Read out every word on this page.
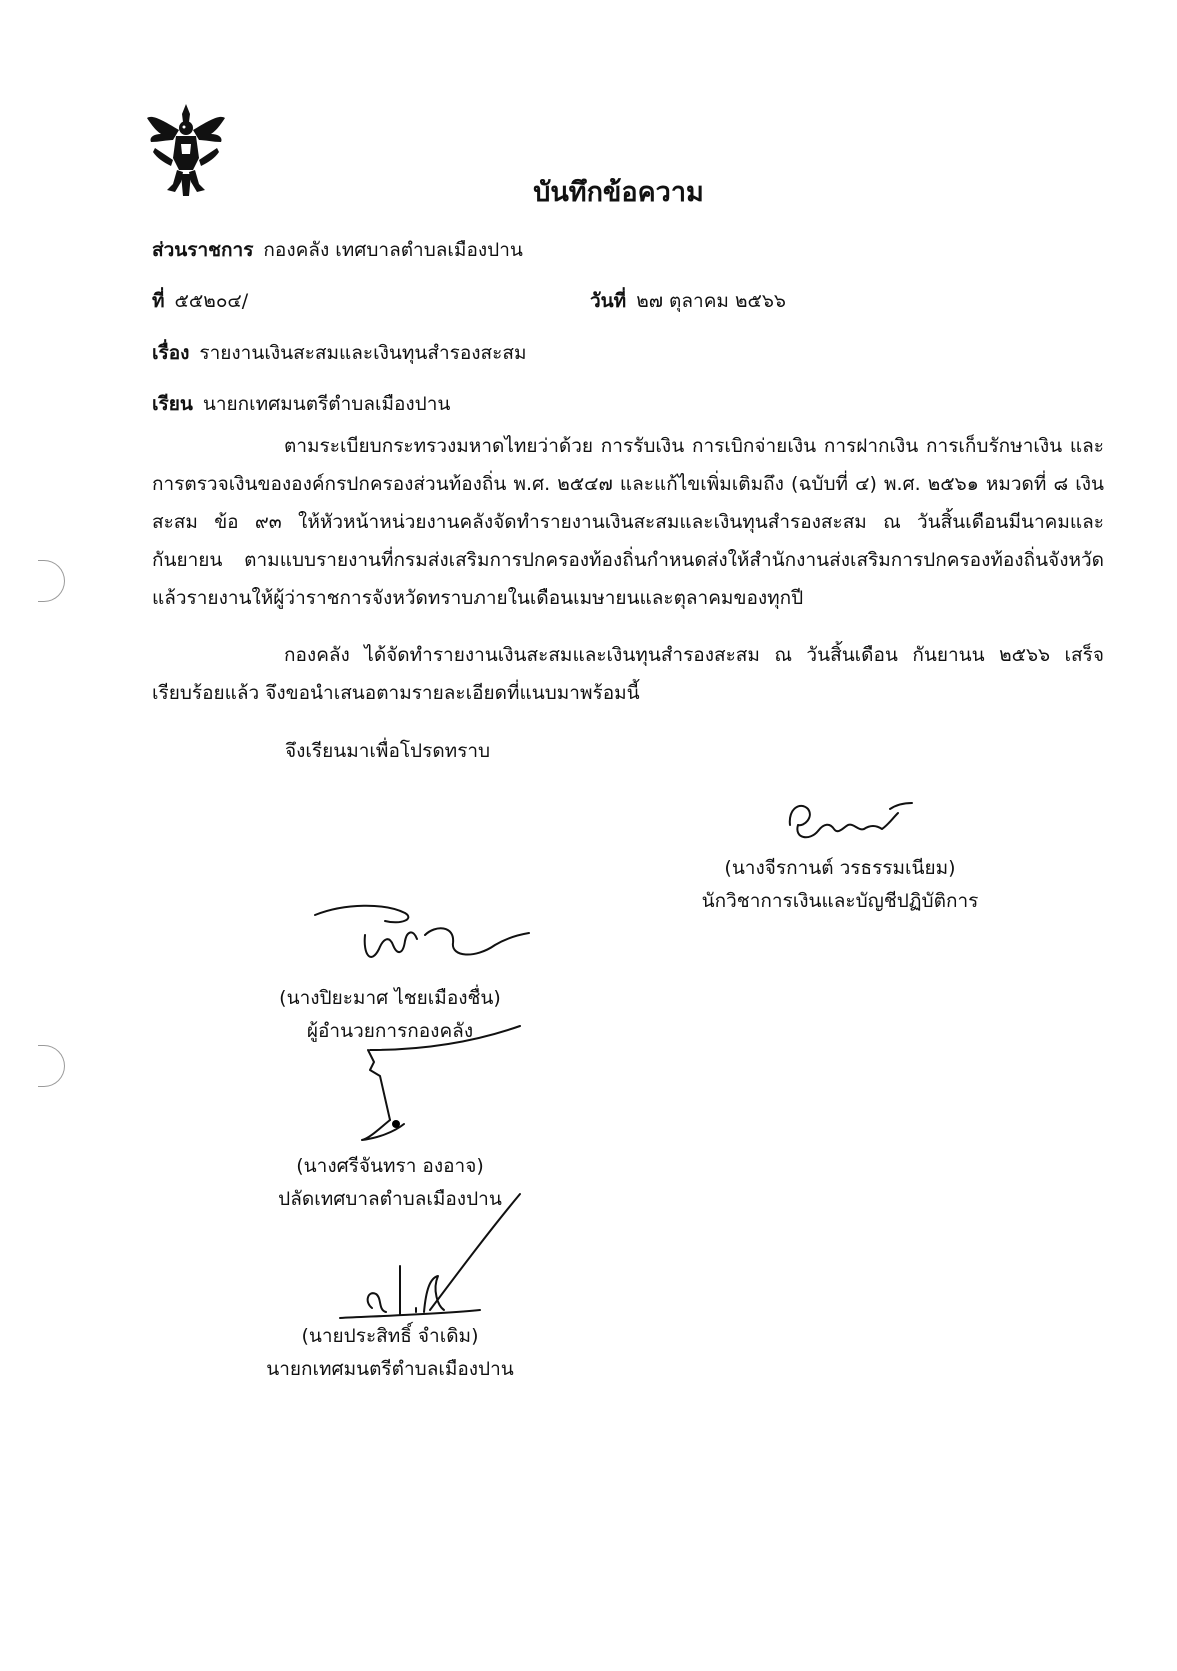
บันทึกข้อความ
ส่วนราชการ กองคลัง เทศบาลตำบลเมืองปาน
ที่ ๕๕๒๐๔/	วันที่ ๒๗ ตุลาคม ๒๕๖๖
เรื่อง รายงานเงินสะสมและเงินทุนสำรองสะสม
เรียน นายกเทศมนตรีตำบลเมืองปาน
ตามระเบียบกระทรวงมหาดไทยว่าด้วย การรับเงิน การเบิกจ่ายเงิน การฝากเงิน การเก็บรักษาเงิน และการตรวจเงินขององค์กรปกครองส่วนท้องถิ่น พ.ศ. ๒๕๔๗ และแก้ไขเพิ่มเติมถึง (ฉบับที่ ๔) พ.ศ. ๒๕๖๑ หมวดที่ ๘ เงินสะสม ข้อ ๙๓ ให้หัวหน้าหน่วยงานคลังจัดทำรายงานเงินสะสมและเงินทุนสำรองสะสม ณ วันสิ้นเดือนมีนาคมและกันยายน ตามแบบรายงานที่กรมส่งเสริมการปกครองท้องถิ่นกำหนดส่งให้สำนักงานส่งเสริมการปกครองท้องถิ่นจังหวัด แล้วรายงานให้ผู้ว่าราชการจังหวัดทราบภายในเดือนเมษายนและตุลาคมของทุกปี
กองคลัง ได้จัดทำรายงานเงินสะสมและเงินทุนสำรองสะสม ณ วันสิ้นเดือน กันยานน ๒๕๖๖ เสร็จเรียบร้อยแล้ว จึงขอนำเสนอตามรายละเอียดที่แนบมาพร้อมนี้
จึงเรียนมาเพื่อโปรดทราบ
(นางจีรกานต์ วรธรรมเนียม)
นักวิชาการเงินและบัญชีปฏิบัติการ
(นางปิยะมาศ ไชยเมืองชื่น)
ผู้อำนวยการกองคลัง
(นางศรีจันทรา องอาจ)
ปลัดเทศบาลตำบลเมืองปาน
(นายประสิทธิ์ จำเดิม)
นายกเทศมนตรีตำบลเมืองปาน
